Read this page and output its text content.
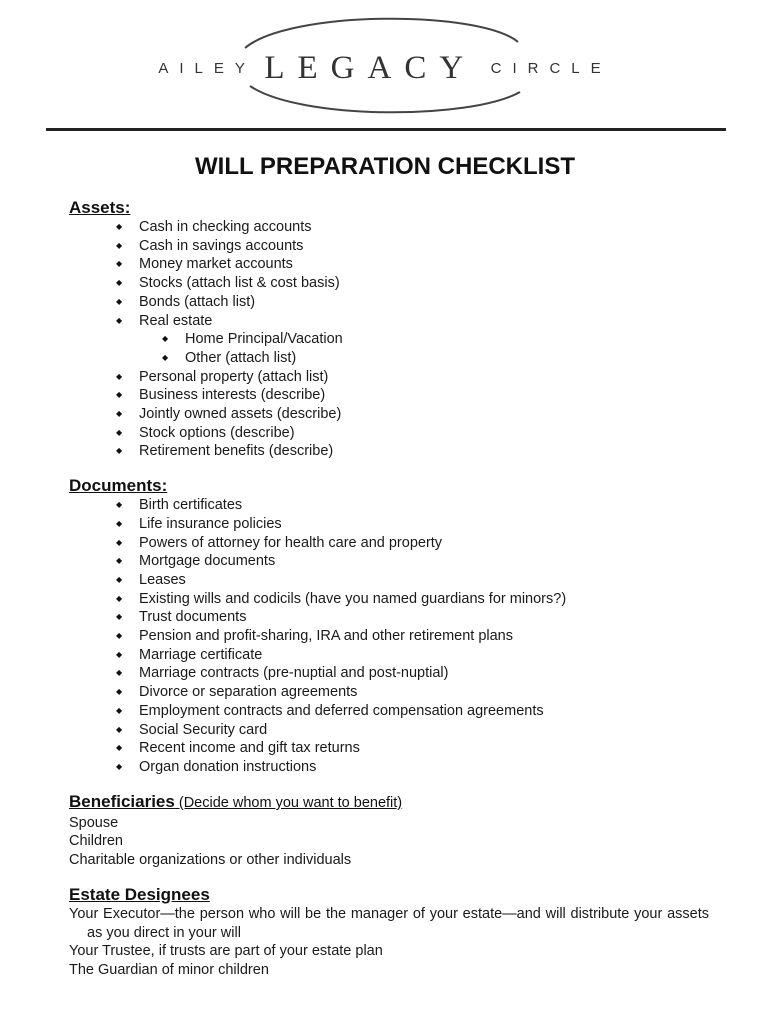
AILEY LEGACY CIRCLE
WILL PREPARATION CHECKLIST

Assets:

◆ Cash in checking accounts
◆ Cash in savings accounts
◆ Money market accounts
◆ Stocks (attach list & cost basis)
◆ Bonds (attach list)
◆ Real estate
◆ Home Principal/Vacation
◆ Other (attach list)
◆ Personal property (attach list)
◆ Business interests (describe)
◆ Jointly owned assets (describe)
◆ Stock options (describe)
◆ Retirement benefits (describe)

Documents:

◆ Birth certificates
◆ Life insurance policies
◆ Powers of attorney for health care and property
◆ Mortgage documents
◆ Leases
◆ Existing wills and codicils (have you named guardians for minors?)
◆ Trust documents
◆ Pension and profit-sharing, IRA and other retirement plans
◆ Marriage certificate
◆ Marriage contracts (pre-nuptial and post-nuptial)
◆ Divorce or separation agreements
◆ Employment contracts and deferred compensation agreements
◆ Social Security card
◆ Recent income and gift tax returns
◆ Organ donation instructions

Beneficiaries (Decide whom you want to benefit)

Spouse

Children

Charitable organizations or other individuals

Estate Designees

Your Executor—the person who will be the manager of your estate—and will distribute your assets as you direct in your will

Your Trustee, if trusts are part of your estate plan

The Guardian of minor children
